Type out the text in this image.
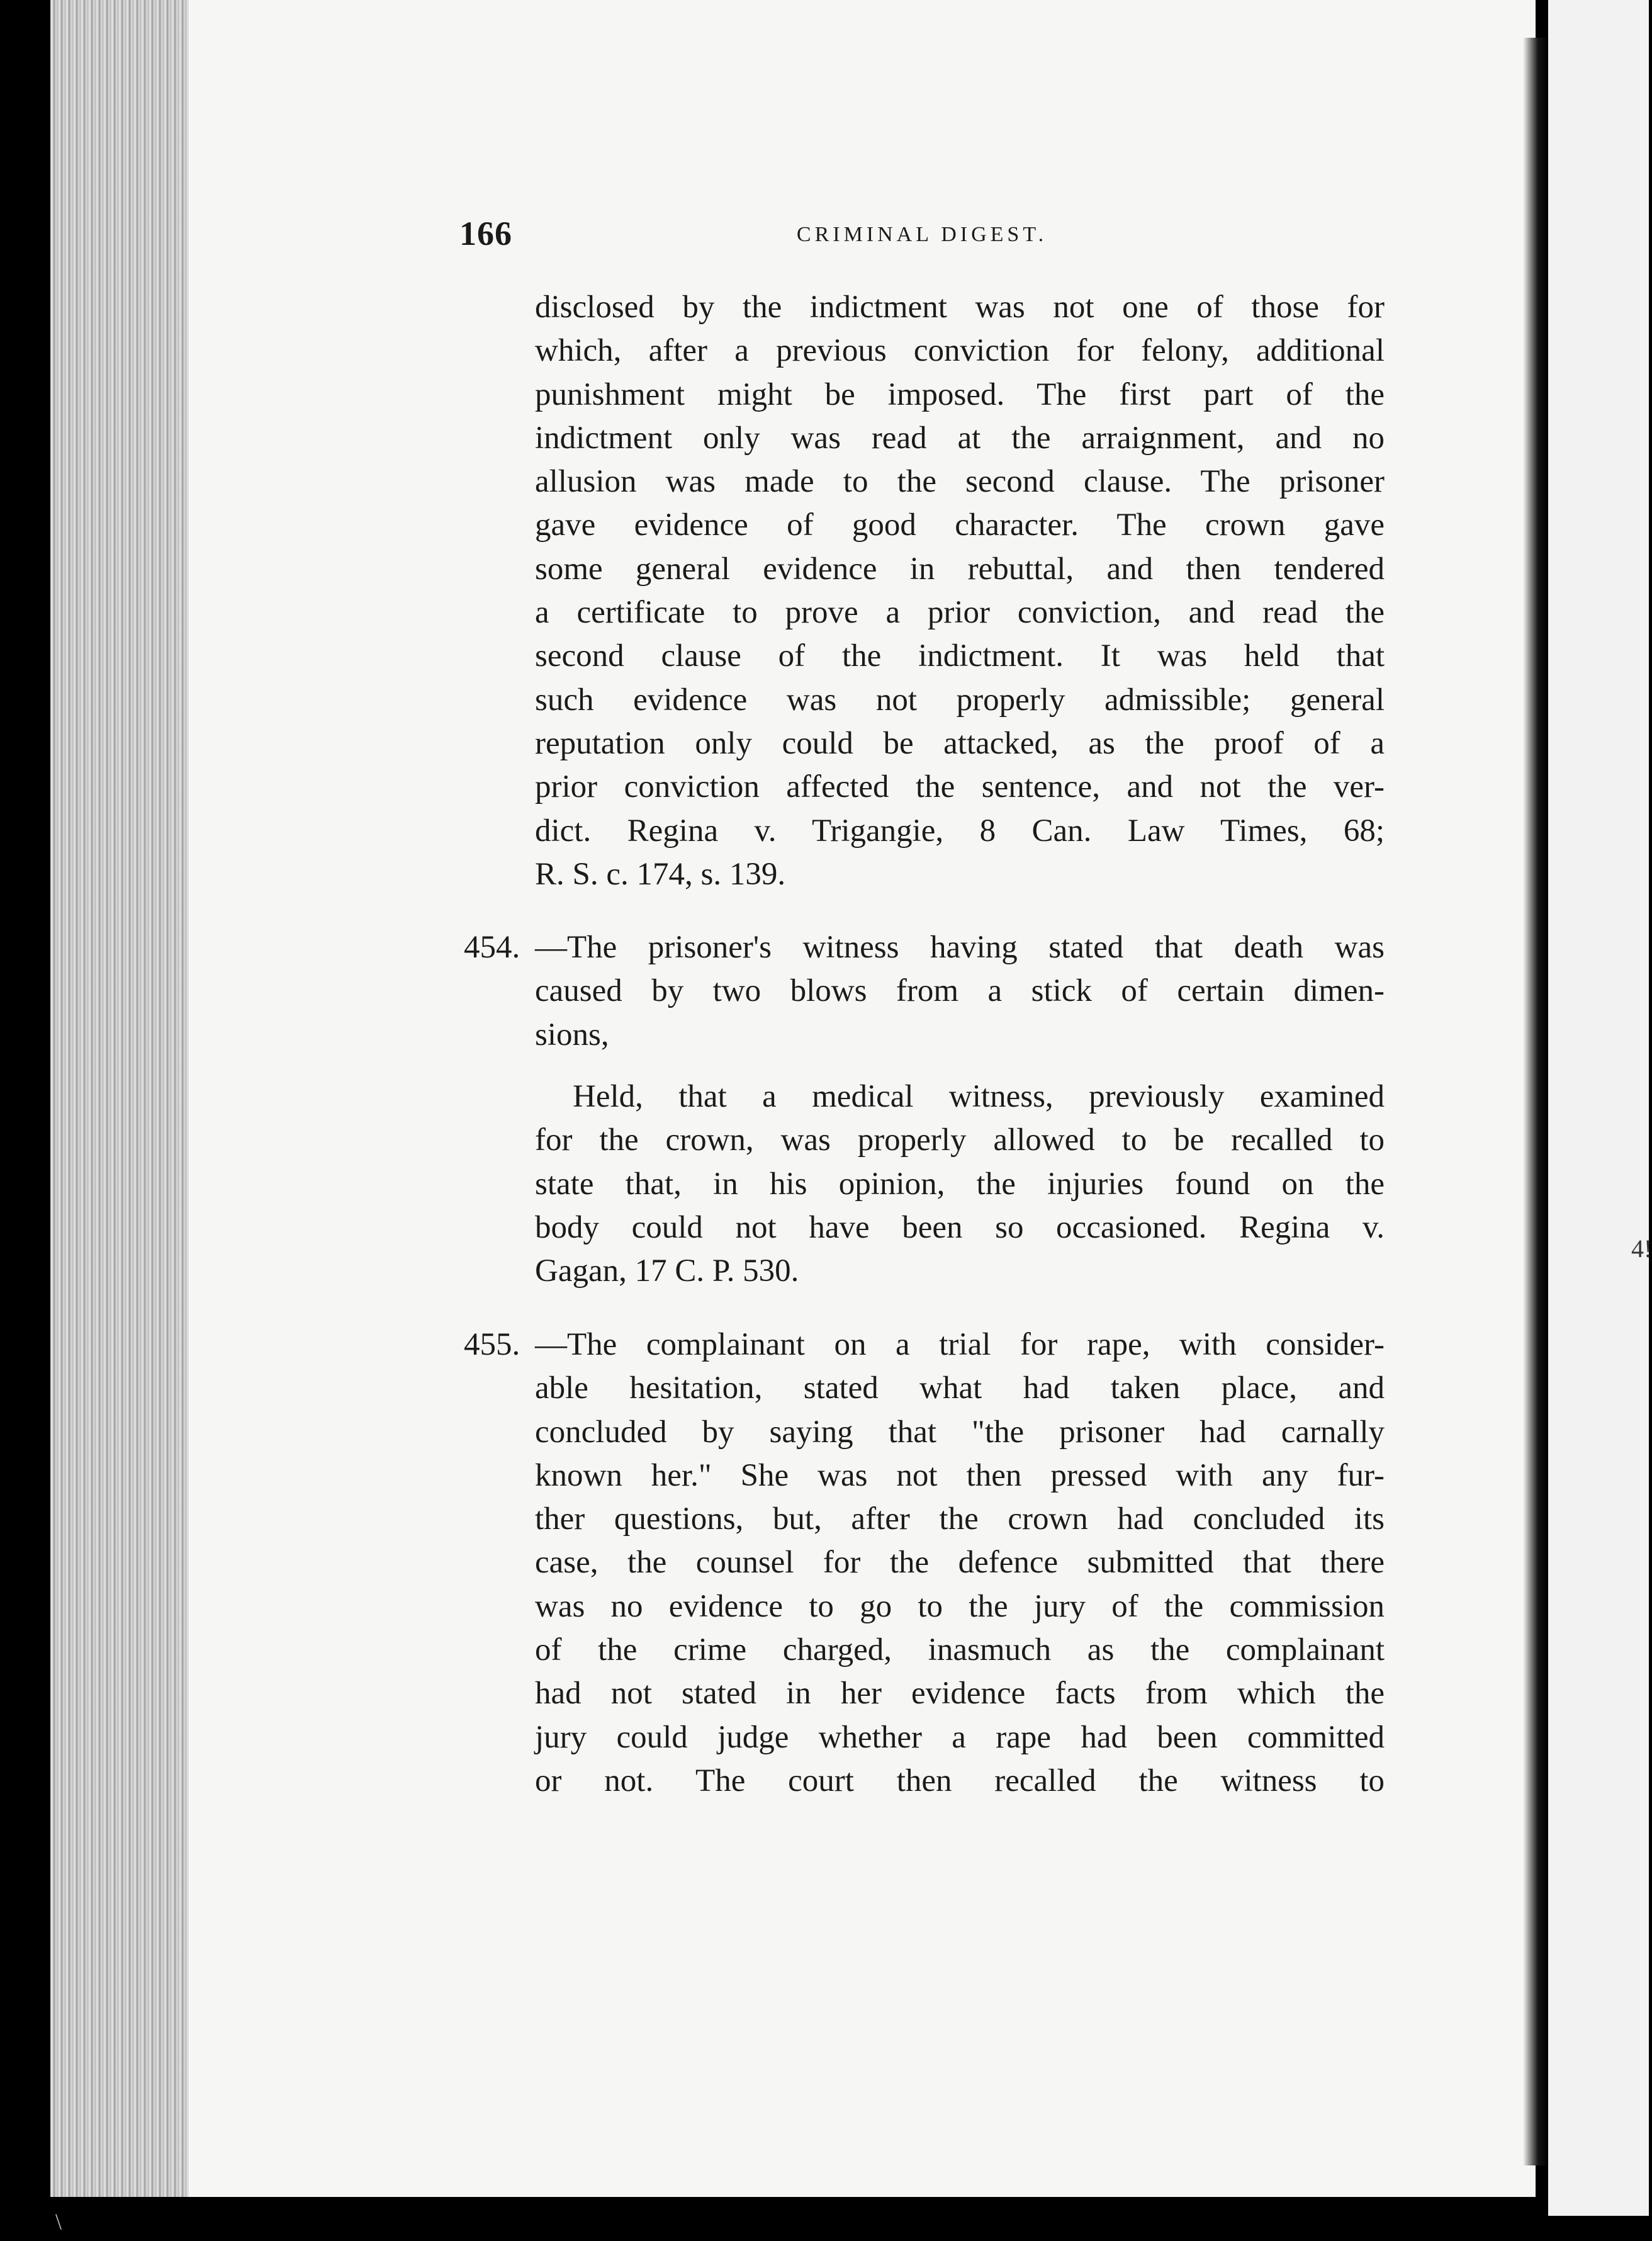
4!
\
166	CRIMINAL DIGEST.
disclosed by the indictment was not one of those for
which, after a previous conviction for felony, additional
punishment might be imposed. The first part of the
indictment only was read at the arraignment, and no
allusion was made to the second clause. The prisoner
gave evidence of good character. The crown gave
some general evidence in rebuttal, and then tendered
a certificate to prove a prior conviction, and read the
second clause of the indictment. It was held that
such evidence was not properly admissible; general
reputation only could be attacked, as the proof of a
prior conviction affected the sentence, and not the ver-
dict. Regina v. Trigangie, 8 Can. Law Times, 68;
R. S. c. 174, s. 139.
454. —The prisoner's witness having stated that death was
caused by two blows from a stick of certain dimen-
sions,
Held, that a medical witness, previously examined
for the crown, was properly allowed to be recalled to
state that, in his opinion, the injuries found on the
body could not have been so occasioned. Regina v.
Gagan, 17 C. P. 530.
455. —The complainant on a trial for rape, with consider-
able hesitation, stated what had taken place, and
concluded by saying that "the prisoner had carnally
known her." She was not then pressed with any fur-
ther questions, but, after the crown had concluded its
case, the counsel for the defence submitted that there
was no evidence to go to the jury of the commission
of the crime charged, inasmuch as the complainant
had not stated in her evidence facts from which the
jury could judge whether a rape had been committed
or not. The court then recalled the witness to
